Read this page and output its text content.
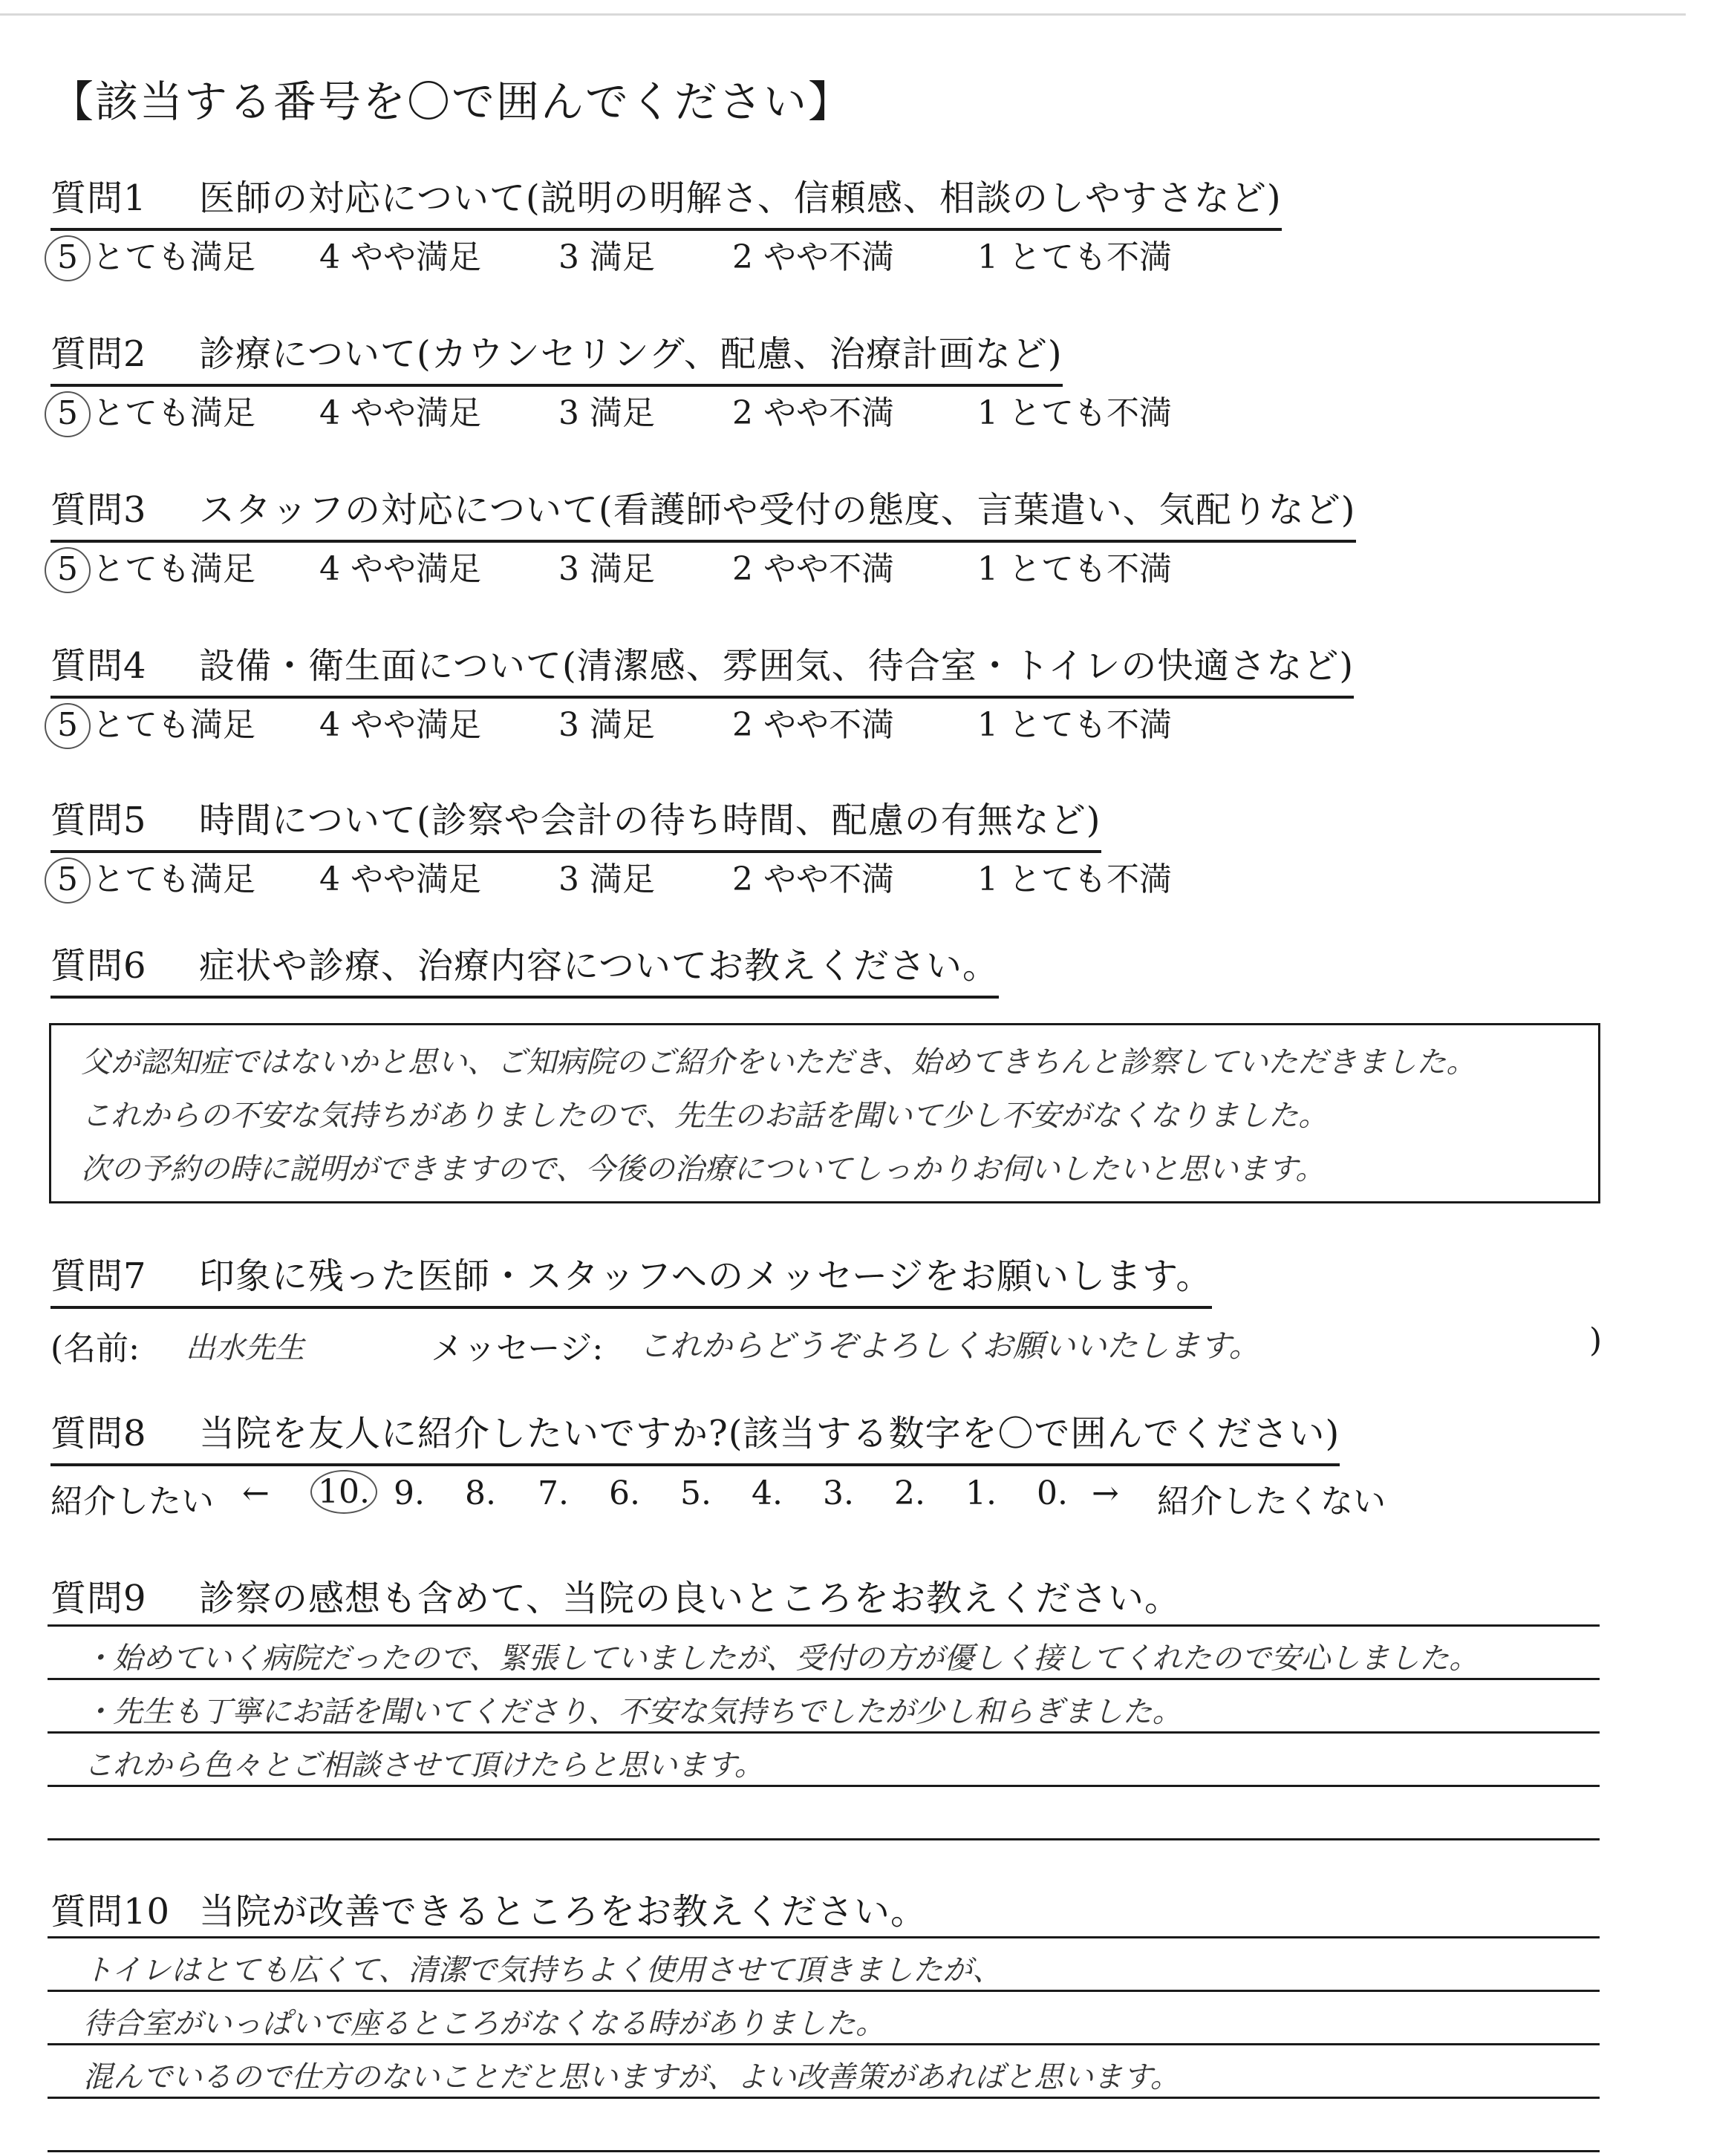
【該当する番号を〇で囲んでください】
質問1 医師の対応について(説明の明解さ、信頼感、相談のしやすさなど)
5 とても満足 4 やや満足 3 満足 2 やや不満	1 とても不満
質問2 診療について(カウンセリング、配慮、治療計画など)
5 とても満足 4 やや満足 3 満足 2 やや不満	1 とても不満
質問3 スタッフの対応について(看護師や受付の態度、言葉遣い、気配りなど)
5 とても満足 4 やや満足 3 満足 2 やや不満	1 とても不満
質問4 設備・衛生面について(清潔感、雰囲気、待合室・トイレの快適さなど)
5 とても満足 4 やや満足 3 満足 2 やや不満	1 とても不満
質問5 時間について(診察や会計の待ち時間、配慮の有無など)
5 とても満足 4 やや満足 3 満足 2 やや不満	1 とても不満
質問6 症状や診療、治療内容についてお教えください。
父が認知症ではないかと思い、ご知病院のご紹介をいただき、始めてきちんと診察していただきました。
これからの不安な気持ちがありましたので、先生のお話を聞いて少し不安がなくなりました。
次の予約の時に説明ができますので、今後の治療についてしっかりお伺いしたいと思います。
質問7 印象に残った医師・スタッフへのメッセージをお願いします。
(名前: 出水先生	メッセージ: これからどうぞよろしくお願いいたします。	)
質問8 当院を友人に紹介したいですか?(該当する数字を〇で囲んでください)
紹介したい ← 10. 9. 8. 7. 6. 5. 4. 3. 2. 1. 0. → 紹介したくない
質問9 診察の感想も含めて、当院の良いところをお教えください。
・始めていく病院だったので、緊張していましたが、受付の方が優しく接してくれたので安心しました。
・先生も丁寧にお話を聞いてくださり、不安な気持ちでしたが少し和らぎました。
これから色々とご相談させて頂けたらと思います。
質問10 当院が改善できるところをお教えください。
トイレはとても広くて、清潔で気持ちよく使用させて頂きましたが、
待合室がいっぱいで座るところがなくなる時がありました。
混んでいるので仕方のないことだと思いますが、よい改善策があればと思います。
